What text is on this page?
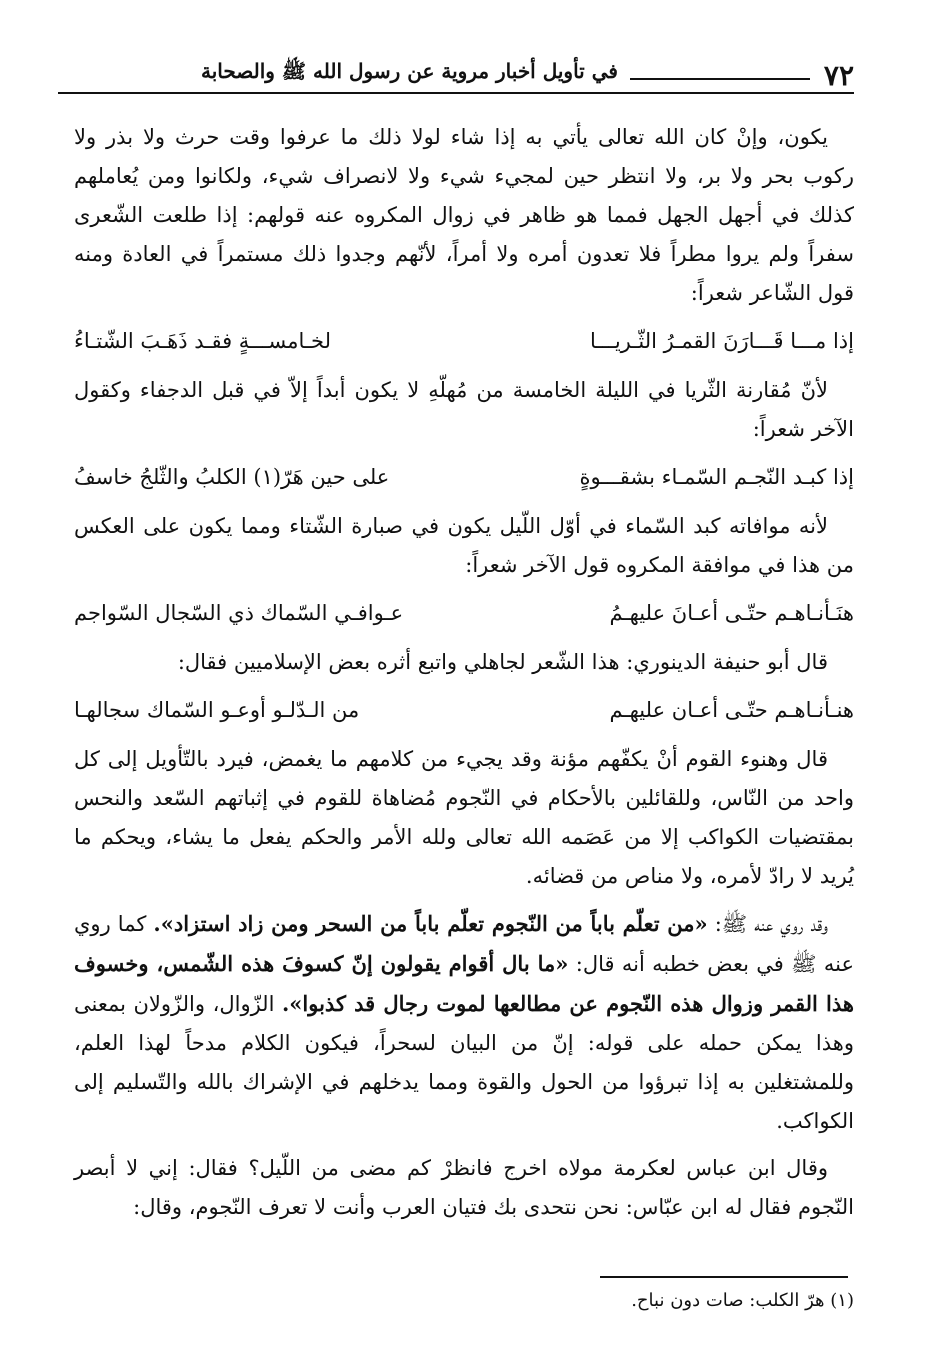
٧٢
في تأويل أخبار مروية عن رسول الله ﷺ والصحابة

يكون، وإنْ كان الله تعالى يأتي به إذا شاء لولا ذلك ما عرفوا وقت حرث ولا بذر ولا ركوب بحر ولا بر، ولا انتظر حين لمجيء شيء ولا لانصراف شيء، ولكانوا ومن يُعاملهم كذلك في أجهل الجهل فمما هو ظاهر في زوال المكروه عنه قولهم: إذا طلعت الشّعرى سفراً ولم يروا مطراً فلا تعدون أمره ولا أمراً، لأنّهم وجدوا ذلك مستمراً في العادة ومنه قول الشّاعر شعراً:

إذا مـــا قَـــارَنَ القمـرُ الثّـريـــا
لخـامســـةٍ فقـد ذَهَـبَ الشّتـاءُ

لأنّ مُقارنة الثّريا في الليلة الخامسة من مُهلّهِ لا يكون أبداً إلاّ في قبل الدجفاء وكقول الآخر شعراً:

إذا كبـد النّجـم السّمـاء بشقـــوةٍ
على حين هَرّ(١) الكلبُ والثّلجُ خاسفُ

لأنه موافاته كبد السّماء في أوّل اللّيل يكون في صبارة الشّتاء ومما يكون على العكس من هذا في موافقة المكروه قول الآخر شعراً:

هنَـأنـاهـم حتّـى أعـانَ عليهـمُ
عـوافـي السّماك ذي السّجال السّواجم

قال أبو حنيفة الدينوري: هذا الشّعر لجاهلي واتبع أثره بعض الإسلاميين فقال:

هنـأنـاهـم حتّـى أعـان عليهـم
من الـدّلـو أوعـو السّماك سجالهـا

قال وهنوء القوم أنْ يكفّهم مؤنة وقد يجيء من كلامهم ما يغمض، فيرد بالتّأويل إلى كل واحد من النّاس، وللقائلين بالأحكام في النّجوم مُضاهاة للقوم في إثباتهم السّعد والنحس بمقتضيات الكواكب إلا من عَصَمه الله تعالى ولله الأمر والحكم يفعل ما يشاء، ويحكم ما يُريد لا رادّ لأمره، ولا مناص من قضائه.

وقد روي عنه ﷺ: «من تعلّم باباً من النّجوم تعلّم باباً من السحر ومن زاد استزاد». كما روي عنه ﷺ في بعض خطبه أنه قال: «ما بال أقوام يقولون إنّ كسوفَ هذه الشّمس، وخسوف هذا القمر وزوال هذه النّجوم عن مطالعها لموت رجال قد كذبوا». الزّوال، والزّولان بمعنى وهذا يمكن حمله على قوله: إنّ من البيان لسحراً، فيكون الكلام مدحاً لهذا العلم، وللمشتغلين به إذا تبرؤوا من الحول والقوة ومما يدخلهم في الإشراك بالله والتّسليم إلى الكواكب.

وقال ابن عباس لعكرمة مولاه اخرج فانظرْ كم مضى من اللّيل؟ فقال: إني لا أبصر النّجوم فقال له ابن عبّاس: نحن نتحدى بك فتيان العرب وأنت لا تعرف النّجوم، وقال:

(١) هرّ الكلب: صات دون نباح.
